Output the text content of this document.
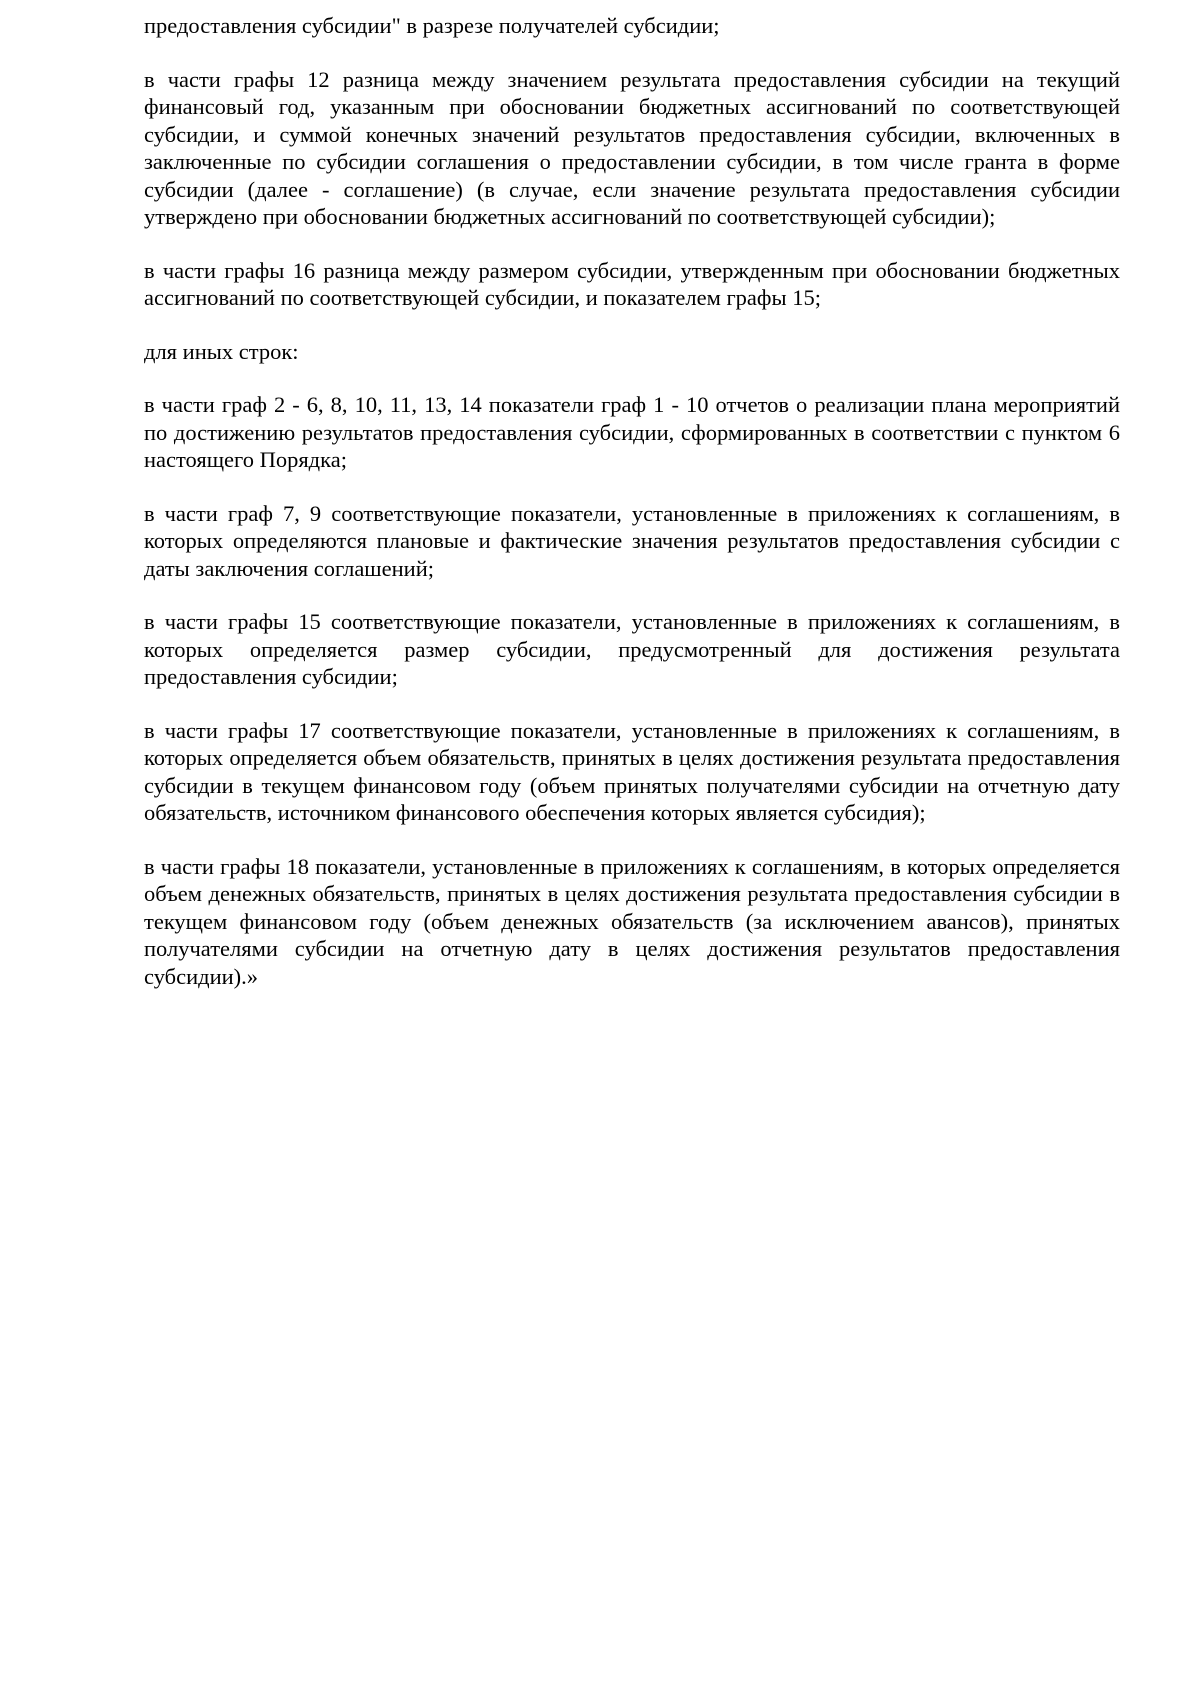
предоставления субсидии" в разрезе получателей субсидии;

в части графы 12 разница между значением результата предоставления субсидии на текущий финансовый год, указанным при обосновании бюджетных ассигнований по соответствующей субсидии, и суммой конечных значений результатов предоставления субсидии, включенных в заключенные по субсидии соглашения о предоставлении субсидии, в том числе гранта в форме субсидии (далее - соглашение) (в случае, если значение результата предоставления субсидии утверждено при обосновании бюджетных ассигнований по соответствующей субсидии);

в части графы 16 разница между размером субсидии, утвержденным при обосновании бюджетных ассигнований по соответствующей субсидии, и показателем графы 15;

для иных строк:

в части граф 2 - 6, 8, 10, 11, 13, 14 показатели граф 1 - 10 отчетов о реализации плана мероприятий по достижению результатов предоставления субсидии, сформированных в соответствии с пунктом 6 настоящего Порядка;

в части граф 7, 9 соответствующие показатели, установленные в приложениях к соглашениям, в которых определяются плановые и фактические значения результатов предоставления субсидии с даты заключения соглашений;

в части графы 15 соответствующие показатели, установленные в приложениях к соглашениям, в которых определяется размер субсидии, предусмотренный для достижения результата предоставления субсидии;

в части графы 17 соответствующие показатели, установленные в приложениях к соглашениям, в которых определяется объем обязательств, принятых в целях достижения результата предоставления субсидии в текущем финансовом году (объем принятых получателями субсидии на отчетную дату обязательств, источником финансового обеспечения которых является субсидия);

в части графы 18 показатели, установленные в приложениях к соглашениям, в которых определяется объем денежных обязательств, принятых в целях достижения результата предоставления субсидии в текущем финансовом году (объем денежных обязательств (за исключением авансов), принятых получателями субсидии на отчетную дату в целях достижения результатов предоставления субсидии).»
